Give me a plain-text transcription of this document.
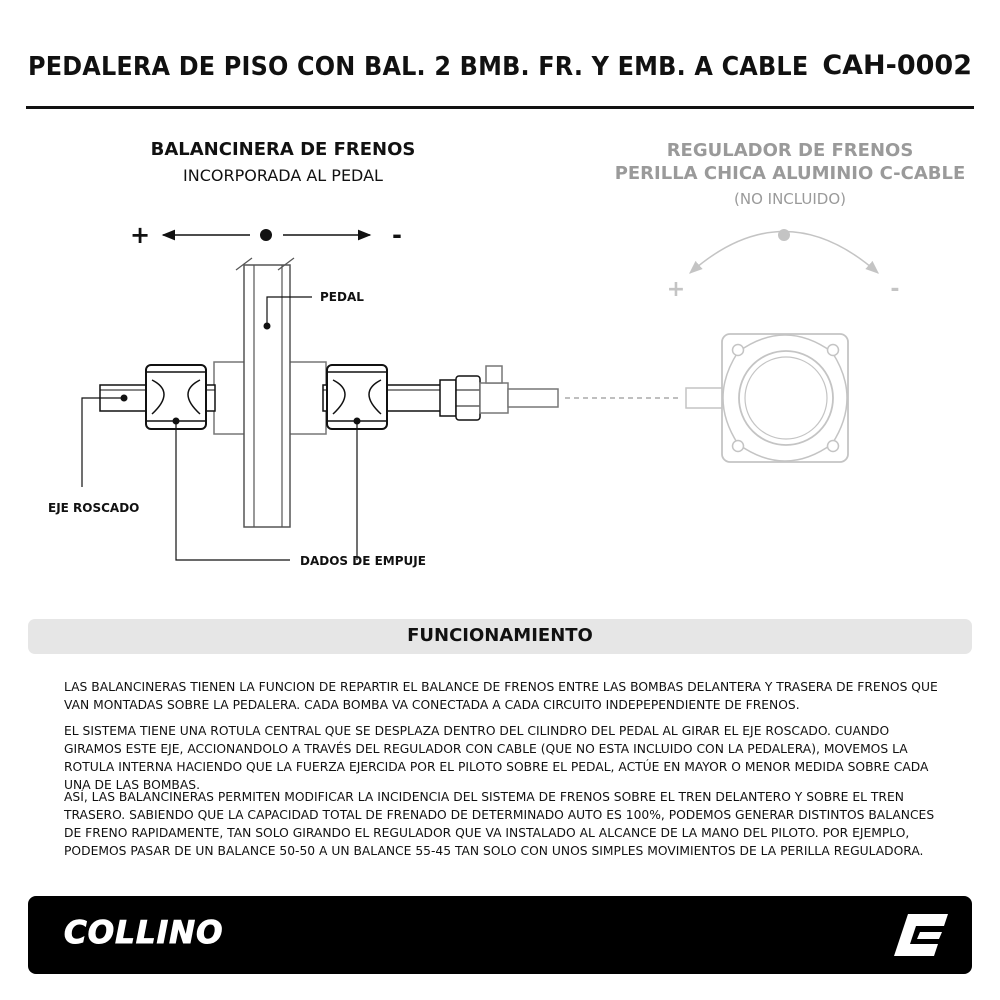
PEDALERA DE PISO CON BAL. 2 BMB. FR. Y EMB. A CABLE CAH-0002
BALANCINERA DE FRENOS
INCORPORADA AL PEDAL
REGULADOR DE FRENOS
PERILLA CHICA ALUMINIO C-CABLE
(NO INCLUIDO)
+	-
PEDAL
EJE ROSCADO
DADOS DE EMPUJE
+	-
FUNCIONAMIENTO
LAS BALANCINERAS TIENEN LA FUNCION DE REPARTIR EL BALANCE DE FRENOS ENTRE LAS BOMBAS DELANTERA Y TRASERA DE FRENOS QUE VAN MONTADAS SOBRE LA PEDALERA. CADA BOMBA VA CONECTADA A CADA CIRCUITO INDEPEPENDIENTE DE FRENOS.
EL SISTEMA TIENE UNA ROTULA CENTRAL QUE SE DESPLAZA DENTRO DEL CILINDRO DEL PEDAL AL GIRAR EL EJE ROSCADO. CUANDO GIRAMOS ESTE EJE, ACCIONANDOLO A TRAVÉS DEL REGULADOR CON CABLE (QUE NO ESTA INCLUIDO CON LA PEDALERA), MOVEMOS LA ROTULA INTERNA HACIENDO QUE LA FUERZA EJERCIDA POR EL PILOTO SOBRE EL PEDAL, ACTÚE EN MAYOR O MENOR MEDIDA SOBRE CADA UNA DE LAS BOMBAS.
ASÍ, LAS BALANCINERAS PERMITEN MODIFICAR LA INCIDENCIA DEL SISTEMA DE FRENOS SOBRE EL TREN DELANTERO Y SOBRE EL TREN TRASERO. SABIENDO QUE LA CAPACIDAD TOTAL DE FRENADO DE DETERMINADO AUTO ES 100%, PODEMOS GENERAR DISTINTOS BALANCES DE FRENO RAPIDAMENTE, TAN SOLO GIRANDO EL REGULADOR QUE VA INSTALADO AL ALCANCE DE LA MANO DEL PILOTO. POR EJEMPLO, PODEMOS PASAR DE UN BALANCE 50-50 A UN BALANCE 55-45 TAN SOLO CON UNOS SIMPLES MOVIMIENTOS DE LA PERILLA REGULADORA.
COLLINO
